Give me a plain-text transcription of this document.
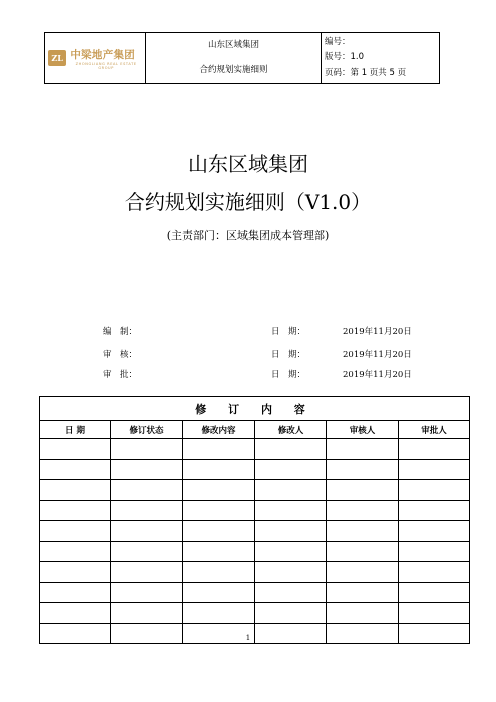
ZL 中梁地产集团
ZHONGLIANG REAL ESTATE GROUP

山东区域集团
合约规划实施细则

编号：
版号：1.0
页码：第 1 页共 5 页

山东区域集团
合约规划实施细则（V1.0）
(主责部门：区域集团成本管理部)
编　制：	日　期：	2019年11月20日
审　核：	日　期：	2019年11月20日
审　批：	日　期：	2019年11月20日
修 订 内 容					
日 期	修订状态	修改内容	修改人	审核人	审批人

1
